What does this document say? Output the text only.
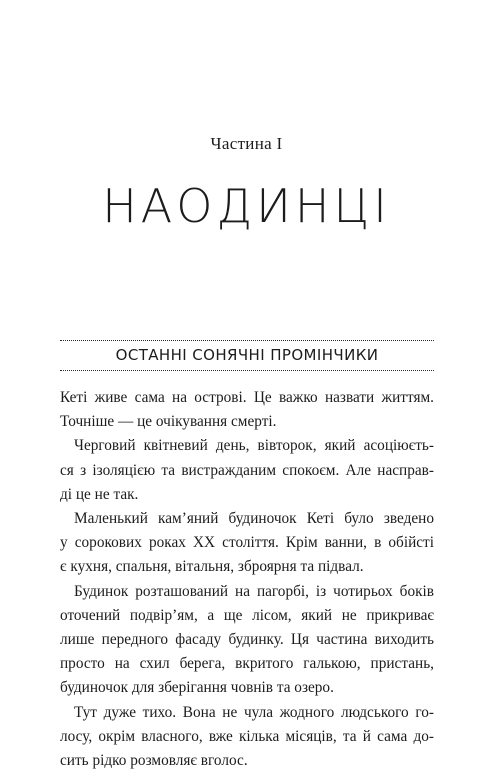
Частина I
НАОДИНЦІ
ОСТАННІ СОНЯЧНІ ПРОМІНЧИКИ
Кеті живе сама на острові. Це важко назвати життям.
Точніше — це очікування смерті.
Черговий квітневий день, вівторок, який асоціюєть-
ся з ізоляцією та вистражданим спокоєм. Але насправ-
ді це не так.
Маленький кам’яний будиночок Кеті було зведено
у сорокових роках XX століття. Крім ванни, в обійсті
є кухня, спальня, вітальня, зброярня та підвал.
Будинок розташований на пагорбі, із чотирьох боків
оточений подвір’ям, а ще лісом, який не прикриває
лише передного фасаду будинку. Ця частина виходить
просто на схил берега, вкритого галькою, пристань,
будиночок для зберігання човнів та озеро.
Тут дуже тихо. Вона не чула жодного людського го-
лосу, окрім власного, вже кілька місяців, та й сама до-
сить рідко розмовляє вголос.
